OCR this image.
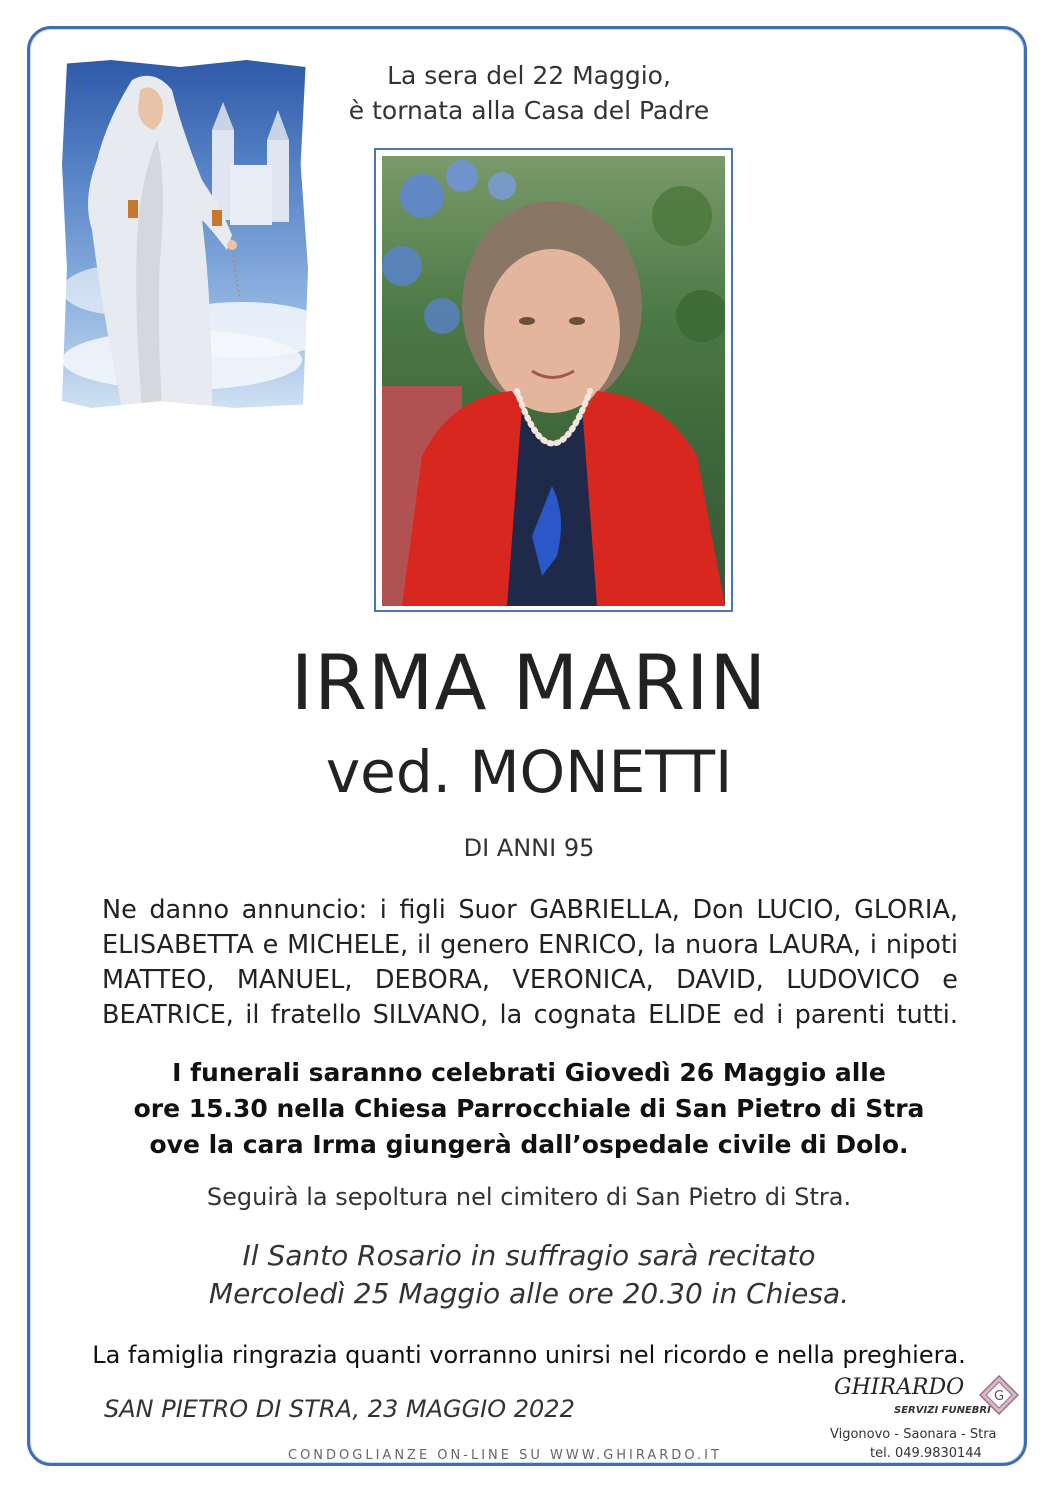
La sera del 22 Maggio,
è tornata alla Casa del Padre
IRMA MARIN
ved. MONETTI
DI ANNI 95
Ne danno annuncio: i figli Suor GABRIELLA, Don LUCIO, GLORIA,
ELISABETTA e MICHELE, il genero ENRICO, la nuora LAURA, i nipoti
MATTEO, MANUEL, DEBORA, VERONICA, DAVID, LUDOVICO e
BEATRICE, il fratello SILVANO, la cognata ELIDE ed i parenti tutti.
I funerali saranno celebrati Giovedì 26 Maggio alle
ore 15.30 nella Chiesa Parrocchiale di San Pietro di Stra
ove la cara Irma giungerà dall’ospedale civile di Dolo.
Seguirà la sepoltura nel cimitero di San Pietro di Stra.
Il Santo Rosario in suffragio sarà recitato
Mercoledì 25 Maggio alle ore 20.30 in Chiesa.
La famiglia ringrazia quanti vorranno unirsi nel ricordo e nella preghiera.
SAN PIETRO DI STRA, 23 MAGGIO 2022
CONDOGLIANZE ON-LINE SU WWW.GHIRARDO.IT
GHIRARDO
SERVIZI FUNEBRI
G
Vigonovo - Saonara - Stra
tel. 049.9830144
